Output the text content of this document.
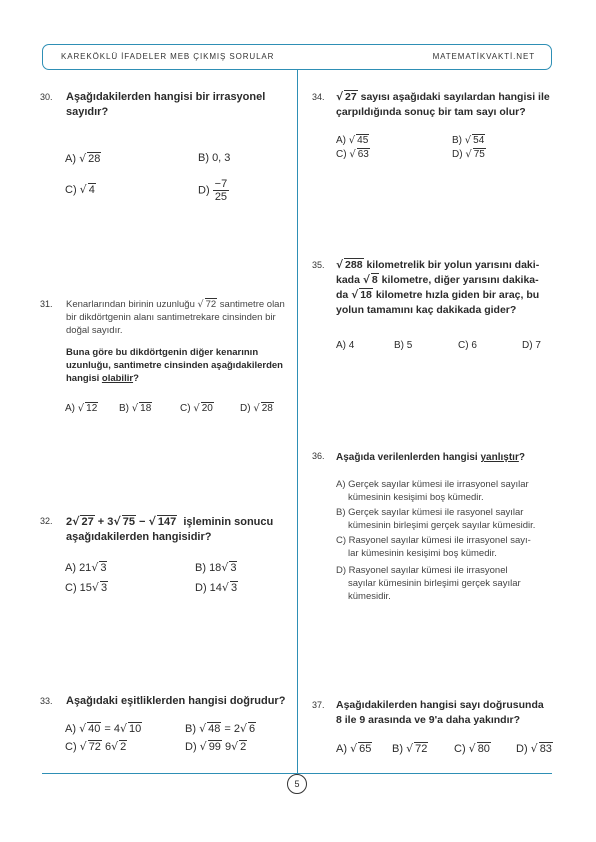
KAREKÖKLÜ İFADELER MEB ÇIKMIŞ SORULAR	MATEMATİKVAKTİ.NET
5
30. Aşağıdakilerden hangisi bir irrasyonel sayıdır?
A) √ 28	B) 0, 3
C) √ 4	$D) \frac{-7}{25}$
31. Kenarlarından birinin uzunluğu √ 72 santimetre olan bir dikdörtgenin alanı santimetrekare cinsinden bir doğal sayıdır.
Buna göre bu dikdörtgenin diğer kenarının uzunluğu, santimetre cinsinden aşağıdakilerden hangisi olabilir?
A) √ 12 B) √ 18	C) √ 20	D) √ 28
32. 2√ 27 + 3√ 75 − √ 147 işleminin sonucu
aşağıdakilerden hangisidir?
A) 21√ 3	B) 18√ 3
C) 15√ 3	D) 14√ 3
33. Aşağıdaki eşitliklerden hangisi doğrudur?
A) √ 40 = 4√ 10	B) √ 48 = 2√ 6
C) √ 72 6√ 2	D) √ 99 9√ 2
34. √ 27 sayısı aşağıdaki sayılardan hangisi ile
çarpıldığında sonuç bir tam sayı olur?
A) √ 45	B) √ 54
C) √ 63	D) √ 75
35. √ 288 kilometrelik bir yolun yarısını daki-
kada √ 8 kilometre, diğer yarısını dakika-
da √ 18 kilometre hızla giden bir araç, bu
yolun tamamını kaç dakikada gider?
A) 4	B) 5	C) 6	D) 7
36. Aşağıda verilenlerden hangisi yanlıştır?
A) Gerçek sayılar kümesi ile irrasyonel sayılar
kümesinin kesişimi boş kümedir.
B) Gerçek sayılar kümesi ile rasyonel sayılar
kümesinin birleşimi gerçek sayılar kümesidir.
C) Rasyonel sayılar kümesi ile irrasyonel sayı-
lar kümesinin kesişimi boş kümedir.
D) Rasyonel sayılar kümesi ile irrasyonel
sayılar kümesinin birleşimi gerçek sayılar
kümesidir.
37. Aşağıdakilerden hangisi sayı doğrusunda
8 ile 9 arasında ve 9'a daha yakındır?
A) √ 65 B) √ 72 C) √ 80 D) √ 83
